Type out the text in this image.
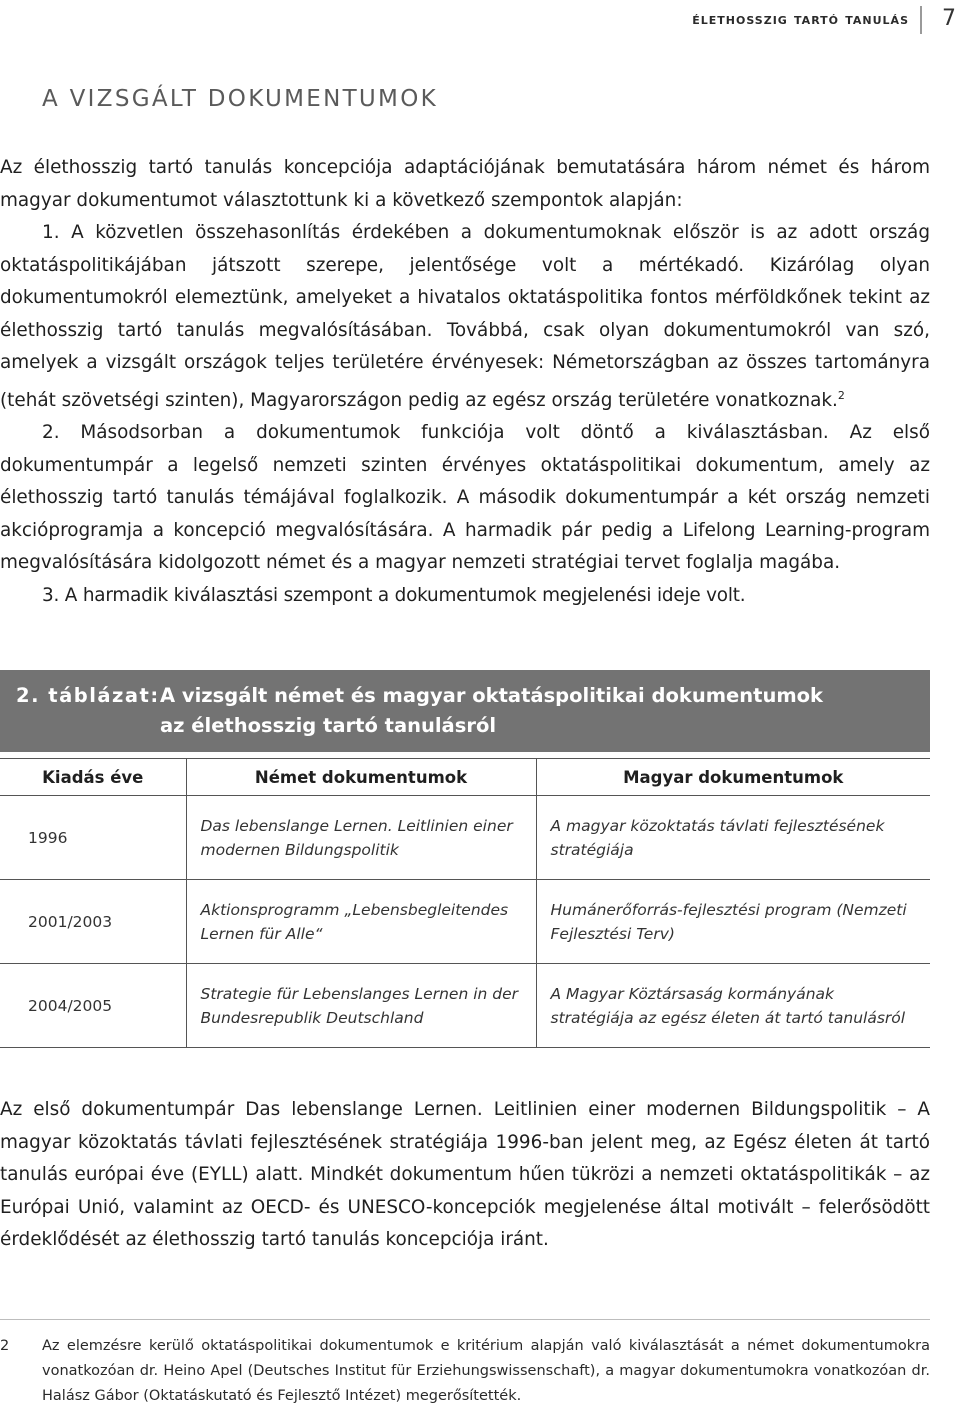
élethosszig tartó tanulás 7
A VIZSGÁLT DOKUMENTUMOK

Az élethosszig tartó tanulás koncepciója adaptációjának bemutatására három német és három magyar dokumentumot választottunk ki a következő szempontok alapján:

1. A közvetlen összehasonlítás érdekében a dokumentumoknak először is az adott ország oktatáspolitikájában játszott szerepe, jelentősége volt a mértékadó. Kizárólag olyan dokumentumokról elemeztünk, amelyeket a hivatalos oktatáspolitika fontos mérföldkőnek tekint az élethosszig tartó tanulás megvalósításában. Továbbá, csak olyan dokumentumokról van szó, amelyek a vizsgált országok teljes területére érvényesek: Németországban az összes tartományra (tehát szövetségi szinten), Magyarországon pedig az egész ország területére vonatkoznak.$^2$

2. Másodsorban a dokumentumok funkciója volt döntő a kiválasztásban. Az első dokumentumpár a legelső nemzeti szinten érvényes oktatáspolitikai dokumentum, amely az élethosszig tartó tanulás témájával foglalkozik. A második dokumentumpár a két ország nemzeti akcióprogramja a koncepció megvalósítására. A harmadik pár pedig a Lifelong Learning-program megvalósítására kidolgozott német és a magyar nemzeti stratégiai tervet foglalja magába.

3. A harmadik kiválasztási szempont a dokumentumok megjelenési ideje volt.

2. táblázat: A vizsgált német és magyar oktatáspolitikai dokumentumok
az élethosszig tartó tanulásról
Kiadás éve	Német dokumentumok	Magyar dokumentumok
1996	Das lebenslange Lernen. Leitlinien einer modernen Bildungspolitik	A magyar közoktatás távlati fejlesztésének stratégiája
2001/2003	Aktionsprogramm „Lebensbegleitendes Lernen für Alle“	Humánerőforrás-fejlesztési program (Nemzeti Fejlesztési Terv)
2004/2005	Strategie für Lebenslanges Lernen in der Bundesrepublik Deutschland	A Magyar Köztársaság kormányának stratégiája az egész életen át tartó tanulásról

Az első dokumentumpár Das lebenslange Lernen. Leitlinien einer modernen Bildungspolitik – A magyar közoktatás távlati fejlesztésének stratégiája 1996-ban jelent meg, az Egész életen át tartó tanulás európai éve (EYLL) alatt. Mindkét dokumentum hűen tükrözi a nemzeti oktatáspolitikák – az Európai Unió, valamint az OECD- és UNESCO-koncepciók megjelenése által motivált – felerősödött érdeklődését az élethosszig tartó tanulás koncepciója iránt.

2 Az elemzésre kerülő oktatáspolitikai dokumentumok e kritérium alapján való kiválasztását a német dokumentumokra vonatkozóan dr. Heino Apel (Deutsches Institut für Erziehungswissenschaft), a magyar dokumentumokra vonatkozóan dr. Halász Gábor (Oktatáskutató és Fejlesztő Intézet) megerősítették.
